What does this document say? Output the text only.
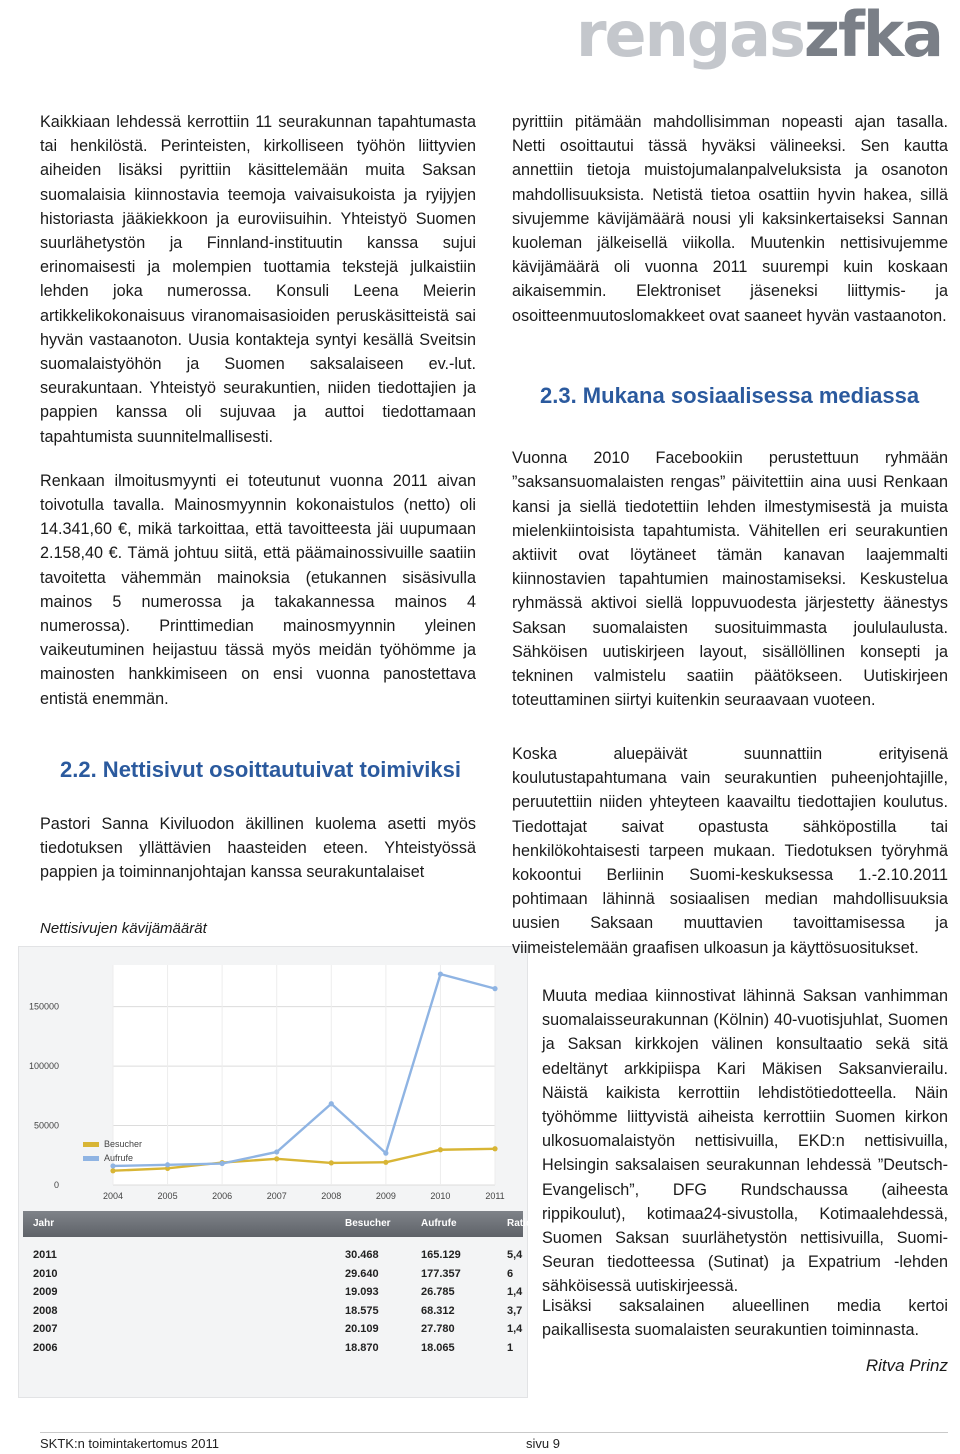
rengaszfka

Kaikkiaan lehdessä kerrottiin 11 seurakunnan tapahtumasta tai henkilöstä. Perinteisten, kirkolliseen työhön liittyvien aiheiden lisäksi pyrittiin käsittelemään muita Saksan suomalaisia kiinnostavia teemoja vaivaisukoista ja ryijyjen historiasta jääkiekkoon ja euroviisuihin. Yhteistyö Suomen suurlähetystön ja Finnland-instituutin kanssa sujui erinomaisesti ja molempien tuottamia tekstejä julkaistiin lehden joka numerossa. Konsuli Leena Meierin artikkelikokonaisuus viranomaisasioiden peruskäsitteistä sai hyvän vastaanoton. Uusia kontakteja syntyi kesällä Sveitsin suomalaistyöhön ja Suomen saksalaiseen ev.-lut. seurakuntaan. Yhteistyö seurakuntien, niiden tiedottajien ja pappien kanssa oli sujuvaa ja auttoi tiedottamaan tapahtumista suunnitelmallisesti.

Renkaan ilmoitusmyynti ei toteutunut vuonna 2011 aivan toivotulla tavalla. Mainosmyynnin kokonaistulos (netto) oli 14.341,60 €, mikä tarkoittaa, että tavoitteesta jäi uupumaan 2.158,40 €. Tämä johtuu siitä, että päämainossivuille saatiin tavoitetta vähemmän mainoksia (etukannen sisäsivulla mainos 5 numerossa ja takakannessa mainos 4 numerossa). Printtimedian mainosmyynnin yleinen vaikeutuminen heijastuu tässä myös meidän työhömme ja mainosten hankkimiseen on ensi vuonna panostettava entistä enemmän.

2.2. Nettisivut osoittautuivat toimiviksi

Pastori Sanna Kiviluodon äkillinen kuolema asetti myös tiedotuksen yllättävien haasteiden eteen. Yhteistyössä pappien ja toiminnanjohtajan kanssa seurakuntalaiset

Nettisivujen kävijämäärät

0
50000
100000
150000
2004	2005	2006	2007	2008	2009	2010	2011
Besucher
Aufrufe
Jahr	Besucher	Aufrufe	Ratio
2011	30.468	165.129	5,4
2010	29.640	177.357	6
2009	19.093	26.785	1,4
2008	18.575	68.312	3,7
2007	20.109	27.780	1,4
2006	18.870	18.065	1

pyrittiin pitämään mahdollisimman nopeasti ajan tasalla. Netti osoittautui tässä hyväksi välineeksi. Sen kautta annettiin tietoja muistojumalanpalveluksista ja osanoton mahdollisuuksista. Netistä tietoa osattiin hyvin hakea, sillä sivujemme kävijämäärä nousi yli kaksinkertaiseksi Sannan kuoleman jälkeisellä viikolla. Muutenkin nettisivujemme kävijämäärä oli vuonna 2011 suurempi kuin koskaan aikaisemmin. Elektroniset jäseneksi liittymis- ja osoitteenmuutoslomakkeet ovat saaneet hyvän vastaanoton.

2.3. Mukana sosiaalisessa mediassa

Vuonna 2010 Facebookiin perustettuun ryhmään ”saksansuomalaisten rengas” päivitettiin aina uusi Renkaan kansi ja siellä tiedotettiin lehden ilmestymisestä ja muista mielenkiintoisista tapahtumista. Vähitellen eri seurakuntien aktiivit ovat löytäneet tämän kanavan laajemmalti kiinnostavien tapahtumien mainostamiseksi. Keskustelua ryhmässä aktivoi siellä loppuvuodesta järjestetty äänestys Saksan suomalaisten suosituimmasta joululaulusta. Sähköisen uutiskirjeen layout, sisällöllinen konsepti ja tekninen valmistelu saatiin päätökseen. Uutiskirjeen toteuttaminen siirtyi kuitenkin seuraavaan vuoteen.

Koska aluepäivät suunnattiin erityisenä koulutustapahtumana vain seurakuntien puheenjohtajille, peruutettiin niiden yhteyteen kaavailtu tiedottajien koulutus. Tiedottajat saivat opastusta sähköpostilla tai henkilökohtaisesti tarpeen mukaan. Tiedotuksen työryhmä kokoontui Berliinin Suomi-keskuksessa 1.-2.10.2011 pohtimaan lähinnä sosiaalisen median mahdollisuuksia uusien Saksaan muuttavien tavoittamisessa ja viimeistelemään graafisen ulkoasun ja käyttösuositukset.

Muuta mediaa kiinnostivat lähinnä Saksan vanhimman suomalaisseurakunnan (Kölnin) 40-vuotisjuhlat, Suomen ja Saksan kirkkojen välinen konsultaatio sekä sitä edeltänyt arkkipiispa Kari Mäkisen Saksanvierailu. Näistä kaikista kerrottiin lehdistötiedotteella. Näin työhömme liittyvistä aiheista kerrottiin Suomen kirkon ulkosuomalaistyön nettisivuilla, EKD:n nettisivuilla, Helsingin saksalaisen seurakunnan lehdessä ”Deutsch-Evangelisch”, DFG Rundschaussa (aiheesta rippikoulut), kotimaa24-sivustolla, Kotimaalehdessä, Suomen Saksan suurlähetystön nettisivuilla, Suomi-Seuran tiedotteessa (Sutinat) ja Expatrium -lehden sähköisessä uutiskirjeessä.

Lisäksi saksalainen alueellinen media kertoi paikallisesta suomalaisten seurakuntien toiminnasta.

Ritva Prinz

SKTK:n toimintakertomus 2011	sivu 9
